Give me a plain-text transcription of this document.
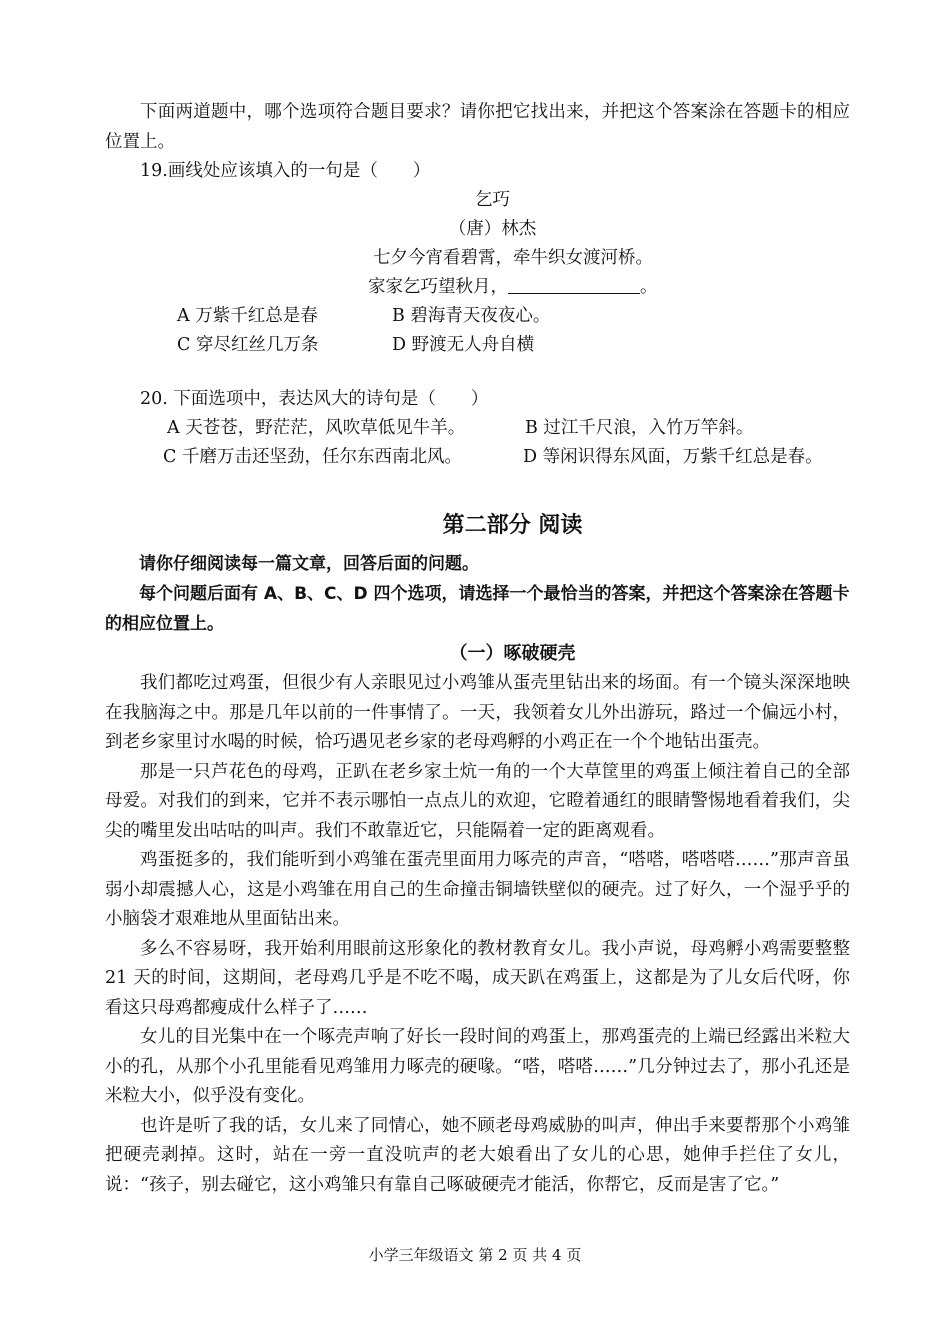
下面两道题中，哪个选项符合题目要求？请你把它找出来，并把这个答案涂在答题卡的相应位置上。
19.画线处应该填入的一句是（　　）
乞巧
（唐）林杰
七夕今宵看碧霄，牵牛织女渡河桥。
家家乞巧望秋月，	。
A 万紫千红总是春	B 碧海青天夜夜心。
C 穿尽红丝几万条	D 野渡无人舟自横
20. 下面选项中，表达风大的诗句是（　　）
A 天苍苍，野茫茫，风吹草低见牛羊。	B 过江千尺浪，入竹万竿斜。
C 千磨万击还坚劲，任尔东西南北风。	D 等闲识得东风面，万紫千红总是春。
第二部分 阅读
请你仔细阅读每一篇文章，回答后面的问题。
每个问题后面有 A、B、C、D 四个选项，请选择一个最恰当的答案，并把这个答案涂在答题卡的相应位置上。
（一）啄破硬壳
我们都吃过鸡蛋，但很少有人亲眼见过小鸡雏从蛋壳里钻出来的场面。有一个镜头深深地映在我脑海之中。那是几年以前的一件事情了。一天，我领着女儿外出游玩，路过一个偏远小村，到老乡家里讨水喝的时候，恰巧遇见老乡家的老母鸡孵的小鸡正在一个个地钻出蛋壳。
那是一只芦花色的母鸡，正趴在老乡家土炕一角的一个大草筐里的鸡蛋上倾注着自己的全部母爱。对我们的到来，它并不表示哪怕一点点儿的欢迎，它瞪着通红的眼睛警惕地看着我们，尖尖的嘴里发出咕咕的叫声。我们不敢靠近它，只能隔着一定的距离观看。
鸡蛋挺多的，我们能听到小鸡雏在蛋壳里面用力啄壳的声音，“嗒嗒，嗒嗒嗒……”那声音虽弱小却震撼人心，这是小鸡雏在用自己的生命撞击铜墙铁壁似的硬壳。过了好久，一个湿乎乎的小脑袋才艰难地从里面钻出来。
多么不容易呀，我开始利用眼前这形象化的教材教育女儿。我小声说，母鸡孵小鸡需要整整 21 天的时间，这期间，老母鸡几乎是不吃不喝，成天趴在鸡蛋上，这都是为了儿女后代呀，你看这只母鸡都瘦成什么样子了……
女儿的目光集中在一个啄壳声响了好长一段时间的鸡蛋上，那鸡蛋壳的上端已经露出米粒大小的孔，从那个小孔里能看见鸡雏用力啄壳的硬喙。“嗒，嗒嗒……”几分钟过去了，那小孔还是米粒大小，似乎没有变化。
也许是听了我的话，女儿来了同情心，她不顾老母鸡威胁的叫声，伸出手来要帮那个小鸡雏把硬壳剥掉。这时，站在一旁一直没吭声的老大娘看出了女儿的心思，她伸手拦住了女儿，说：“孩子，别去碰它，这小鸡雏只有靠自己啄破硬壳才能活，你帮它，反而是害了它。”
小学三年级语文 第 2 页 共 4 页
